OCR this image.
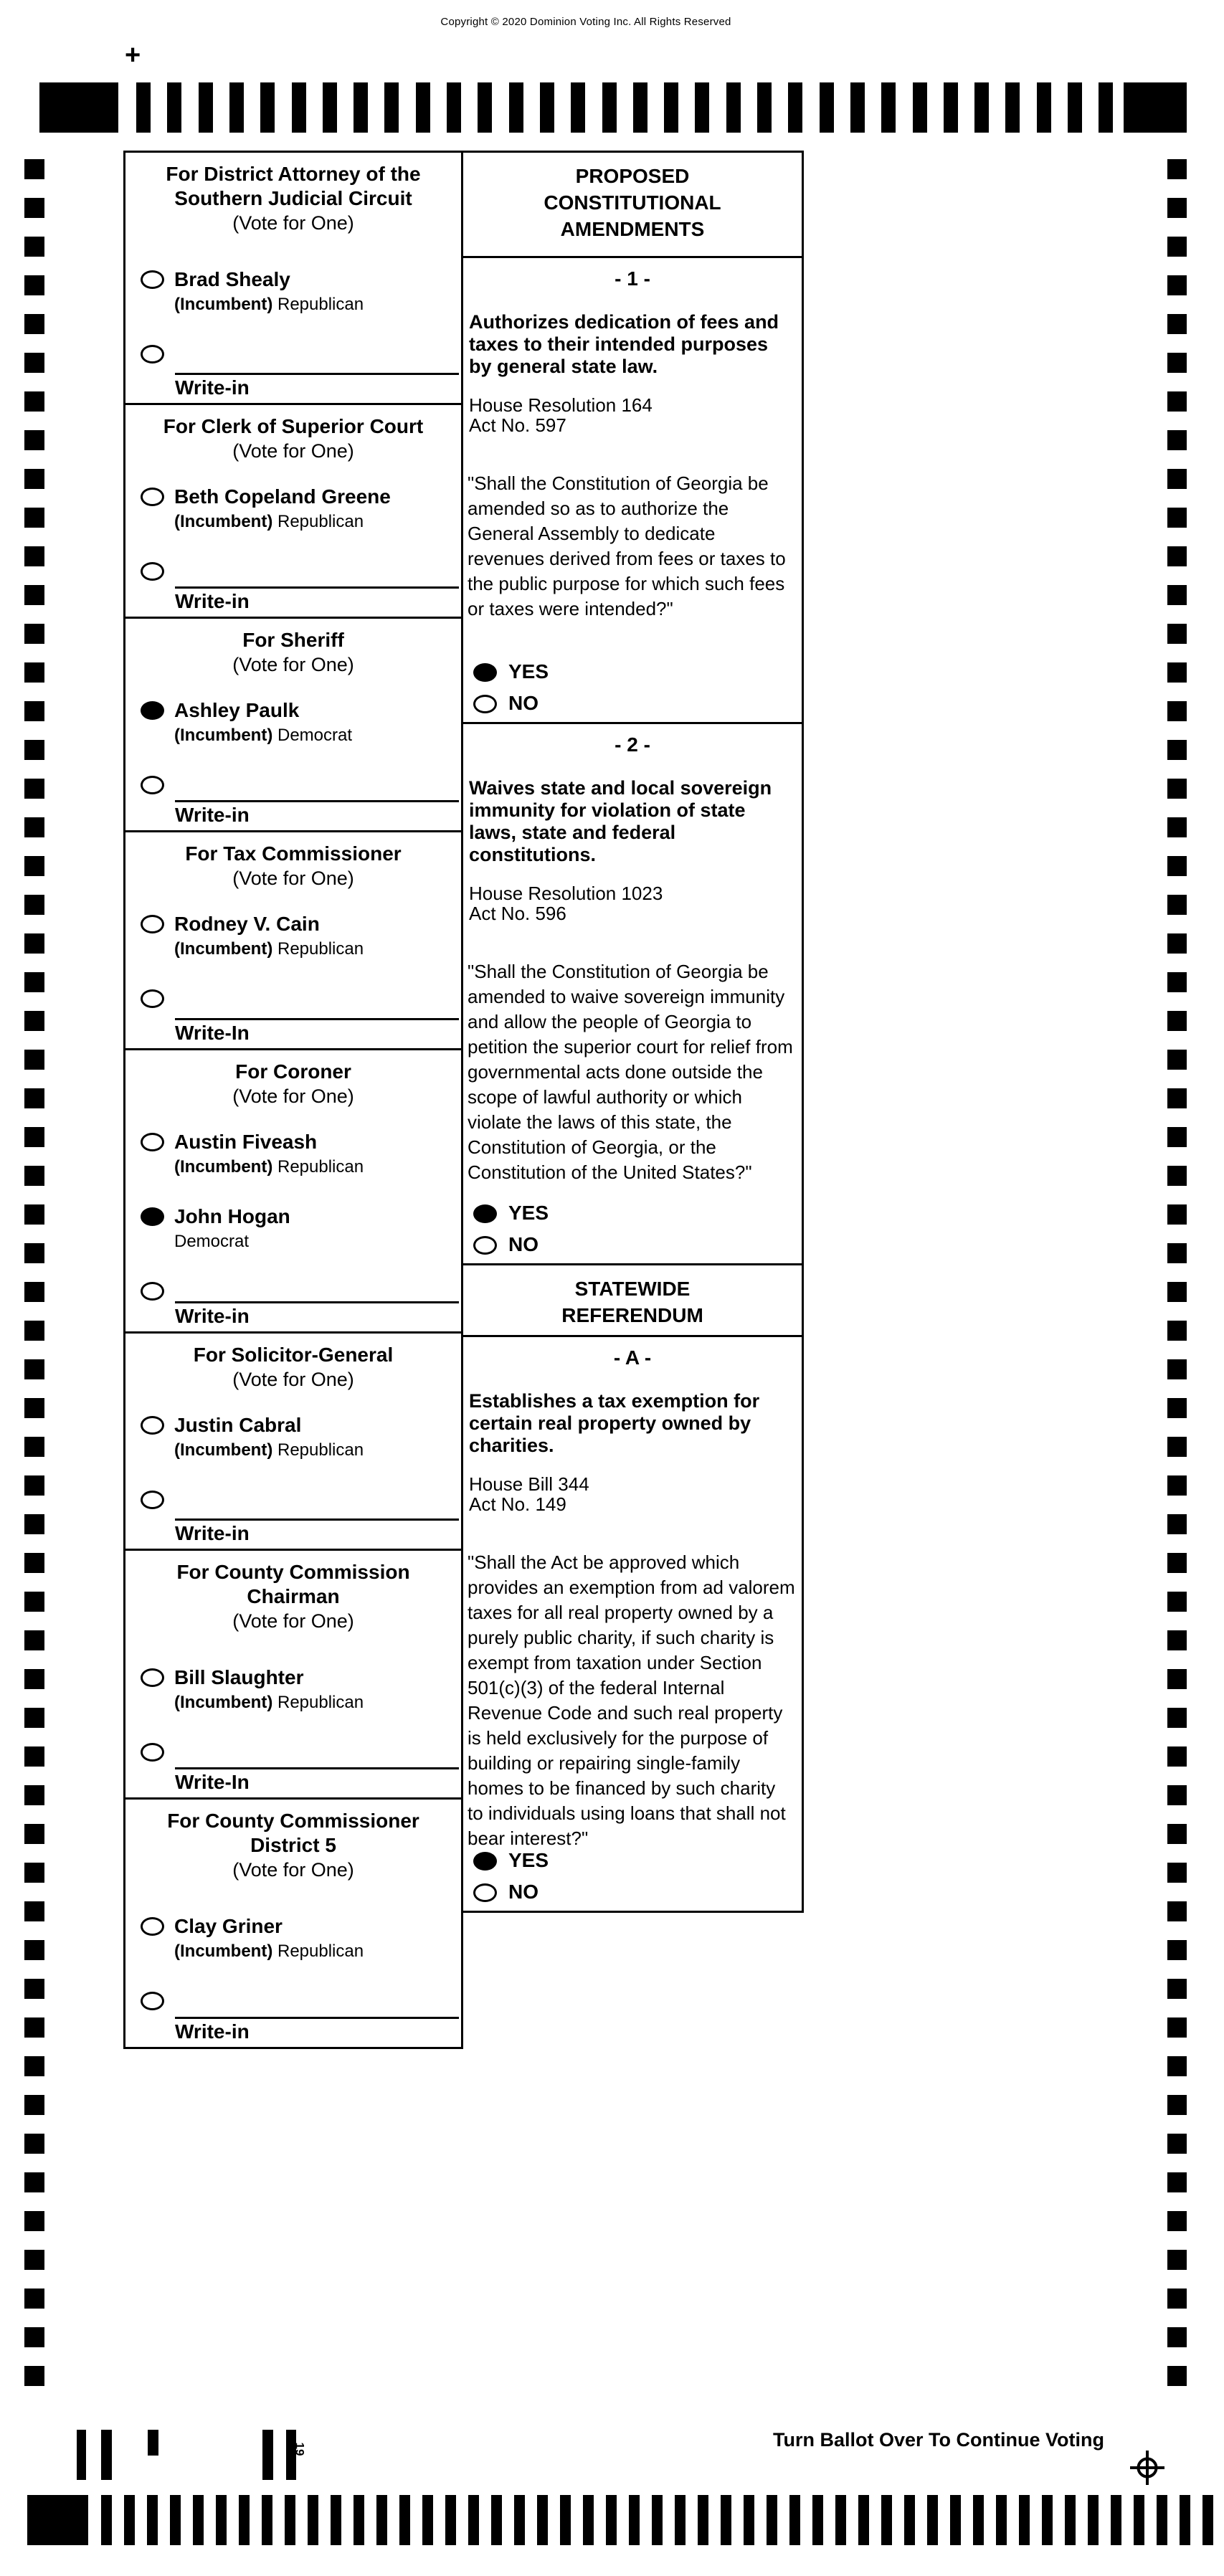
Copyright © 2020 Dominion Voting Inc. All Rights Reserved
+
For District Attorney of the
Southern Judicial Circuit
(Vote for One)
Brad Shealy
(Incumbent) Republican
Write-in
For Clerk of Superior Court
(Vote for One)
Beth Copeland Greene
(Incumbent) Republican
Write-in
For Sheriff
(Vote for One)
Ashley Paulk
(Incumbent) Democrat
Write-in
For Tax Commissioner
(Vote for One)
Rodney V. Cain
(Incumbent) Republican
Write-In
For Coroner
(Vote for One)
Austin Fiveash
(Incumbent) Republican
John Hogan
Democrat
Write-in
For Solicitor-General
(Vote for One)
Justin Cabral
(Incumbent) Republican
Write-in
For County Commission
Chairman
(Vote for One)
Bill Slaughter
(Incumbent) Republican
Write-In
For County Commissioner
District 5
(Vote for One)
Clay Griner
(Incumbent) Republican
Write-in
PROPOSED
CONSTITUTIONAL
AMENDMENTS
- 1 -
Authorizes dedication of fees and taxes to their intended purposes by general state law.
House Resolution 164
Act No. 597
"Shall the Constitution of Georgia be amended so as to authorize the General Assembly to dedicate revenues derived from fees or taxes to the public purpose for which such fees or taxes were intended?"
YES
NO
- 2 -
Waives state and local sovereign immunity for violation of state laws, state and federal constitutions.
House Resolution 1023
Act No. 596
"Shall the Constitution of Georgia be amended to waive sovereign immunity and allow the people of Georgia to petition the superior court for relief from governmental acts done outside the scope of lawful authority or which violate the laws of this state, the Constitution of Georgia, or the Constitution of the United States?"
YES
NO
STATEWIDE
REFERENDUM
- A -
Establishes a tax exemption for certain real property owned by charities.
House Bill 344
Act No. 149
"Shall the Act be approved which provides an exemption from ad valorem taxes for all real property owned by a purely public charity, if such charity is exempt from taxation under Section 501(c)(3) of the federal Internal Revenue Code and such real property is held exclusively for the purpose of building or repairing single-family homes to be financed by such charity to individuals using loans that shall not bear interest?"
YES
NO
19	Turn Ballot Over To Continue Voting
